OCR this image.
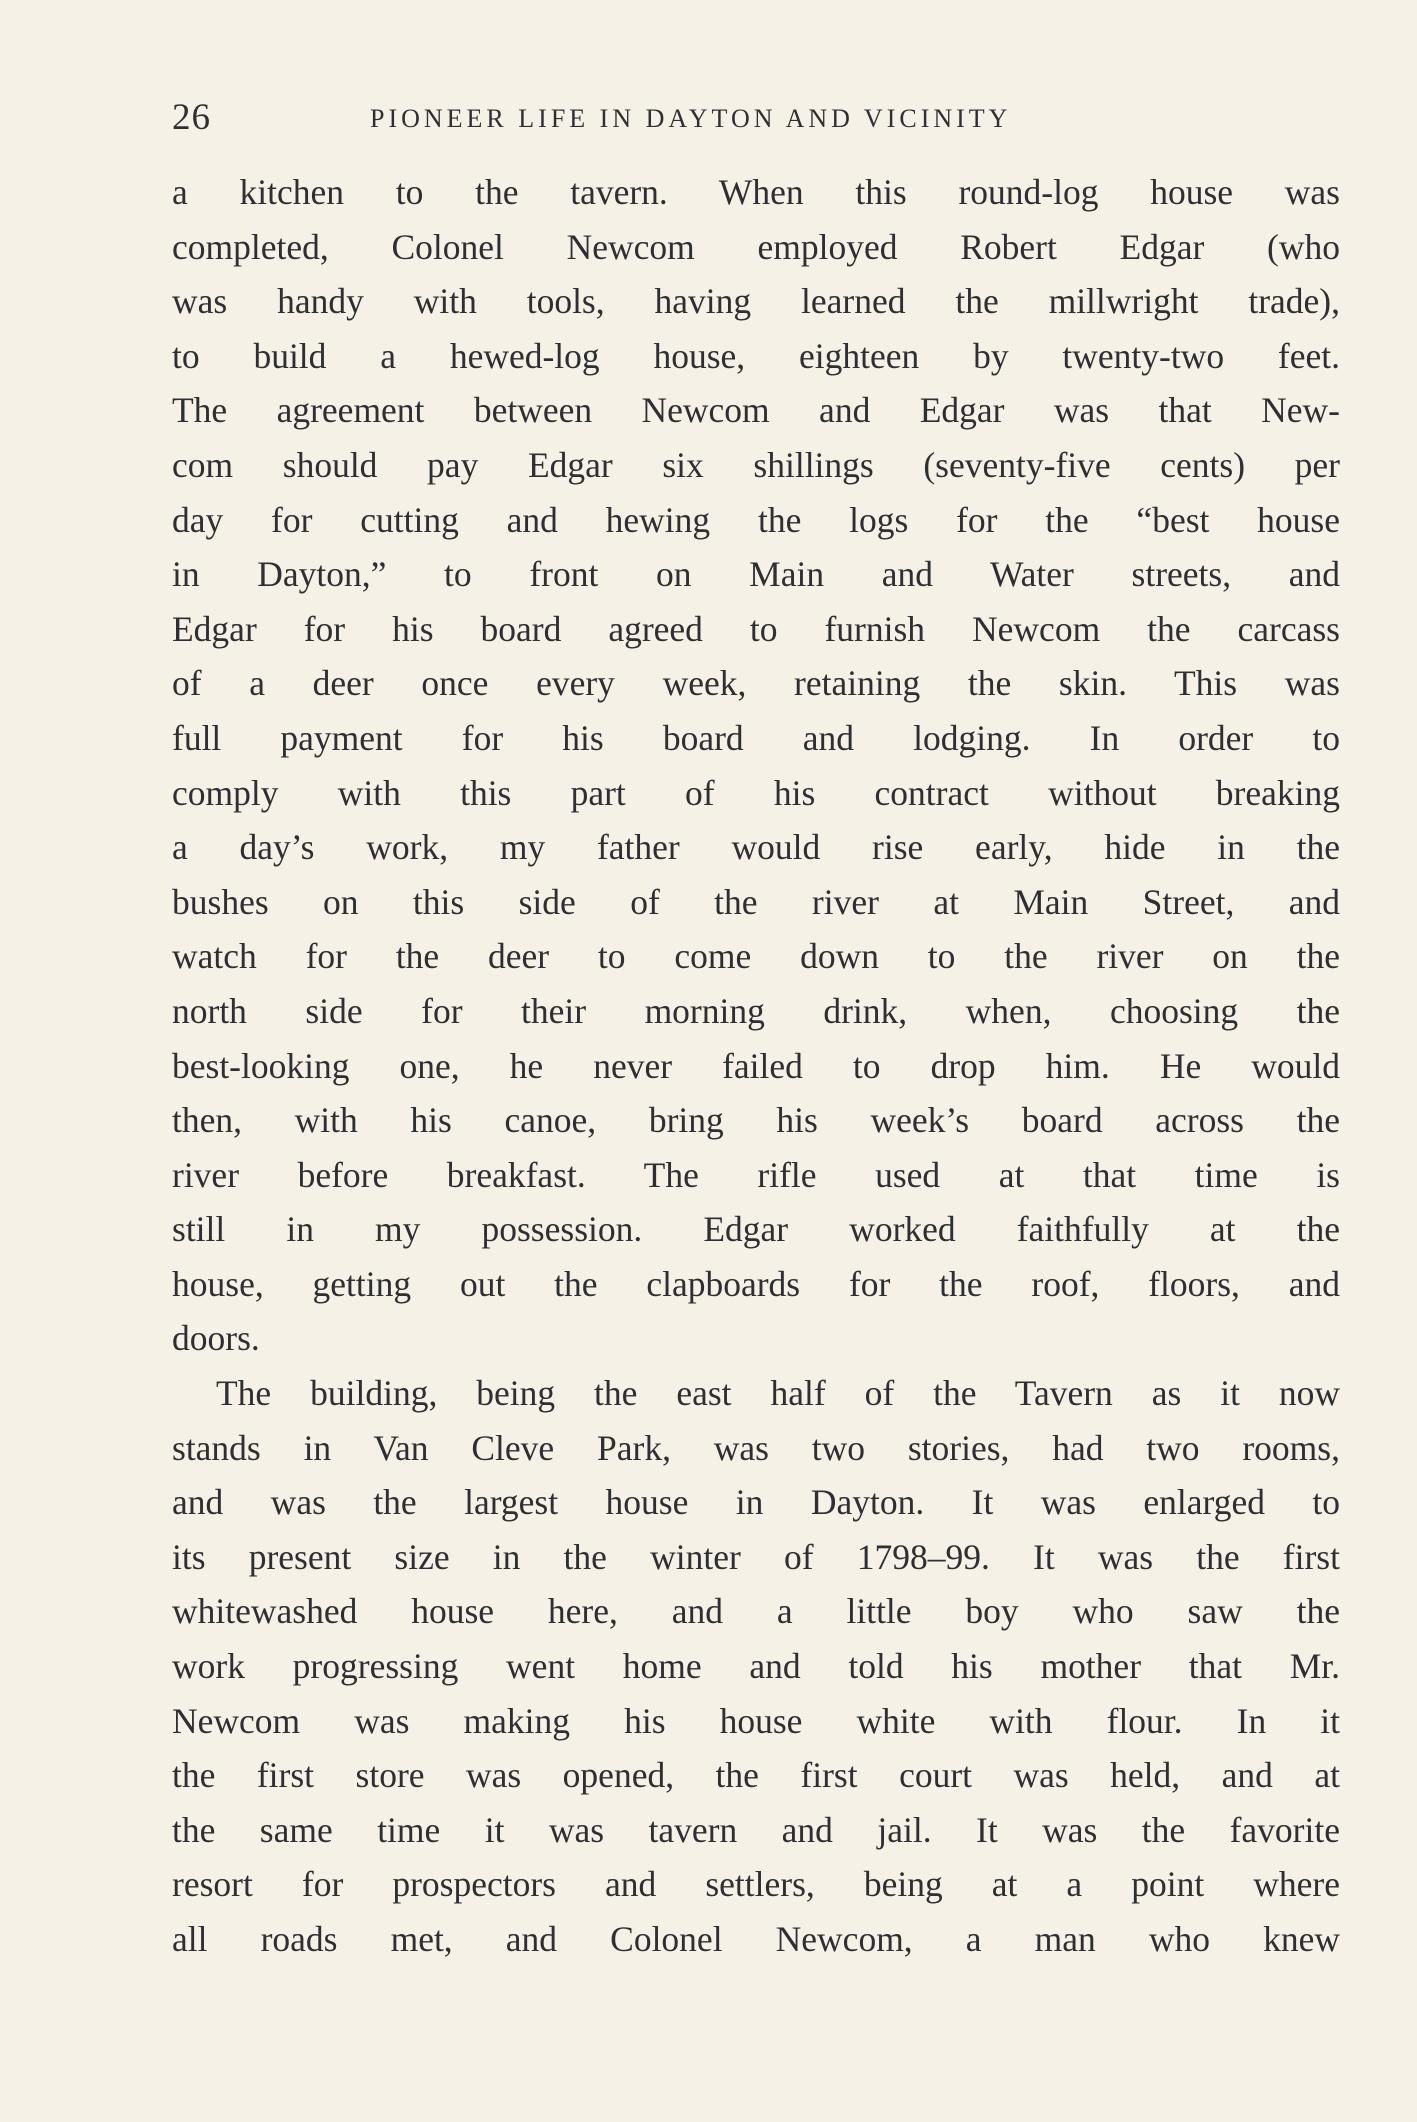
26	PIONEER LIFE IN DAYTON AND VICINITY
a kitchen to the tavern. When this round-log house was
completed, Colonel Newcom employed Robert Edgar (who
was handy with tools, having learned the millwright trade),
to build a hewed-log house, eighteen by twenty-two feet.
The agreement between Newcom and Edgar was that New-
com should pay Edgar six shillings (seventy-five cents) per
day for cutting and hewing the logs for the “best house
in Dayton,” to front on Main and Water streets, and
Edgar for his board agreed to furnish Newcom the carcass
of a deer once every week, retaining the skin. This was
full payment for his board and lodging. In order to
comply with this part of his contract without breaking
a day’s work, my father would rise early, hide in the
bushes on this side of the river at Main Street, and
watch for the deer to come down to the river on the
north side for their morning drink, when, choosing the
best-looking one, he never failed to drop him. He would
then, with his canoe, bring his week’s board across the
river before breakfast. The rifle used at that time is
still in my possession. Edgar worked faithfully at the
house, getting out the clapboards for the roof, floors, and
doors.
The building, being the east half of the Tavern as it now
stands in Van Cleve Park, was two stories, had two rooms,
and was the largest house in Dayton. It was enlarged to
its present size in the winter of 1798–99. It was the first
whitewashed house here, and a little boy who saw the
work progressing went home and told his mother that Mr.
Newcom was making his house white with flour. In it
the first store was opened, the first court was held, and at
the same time it was tavern and jail. It was the favorite
resort for prospectors and settlers, being at a point where
all roads met, and Colonel Newcom, a man who knew
